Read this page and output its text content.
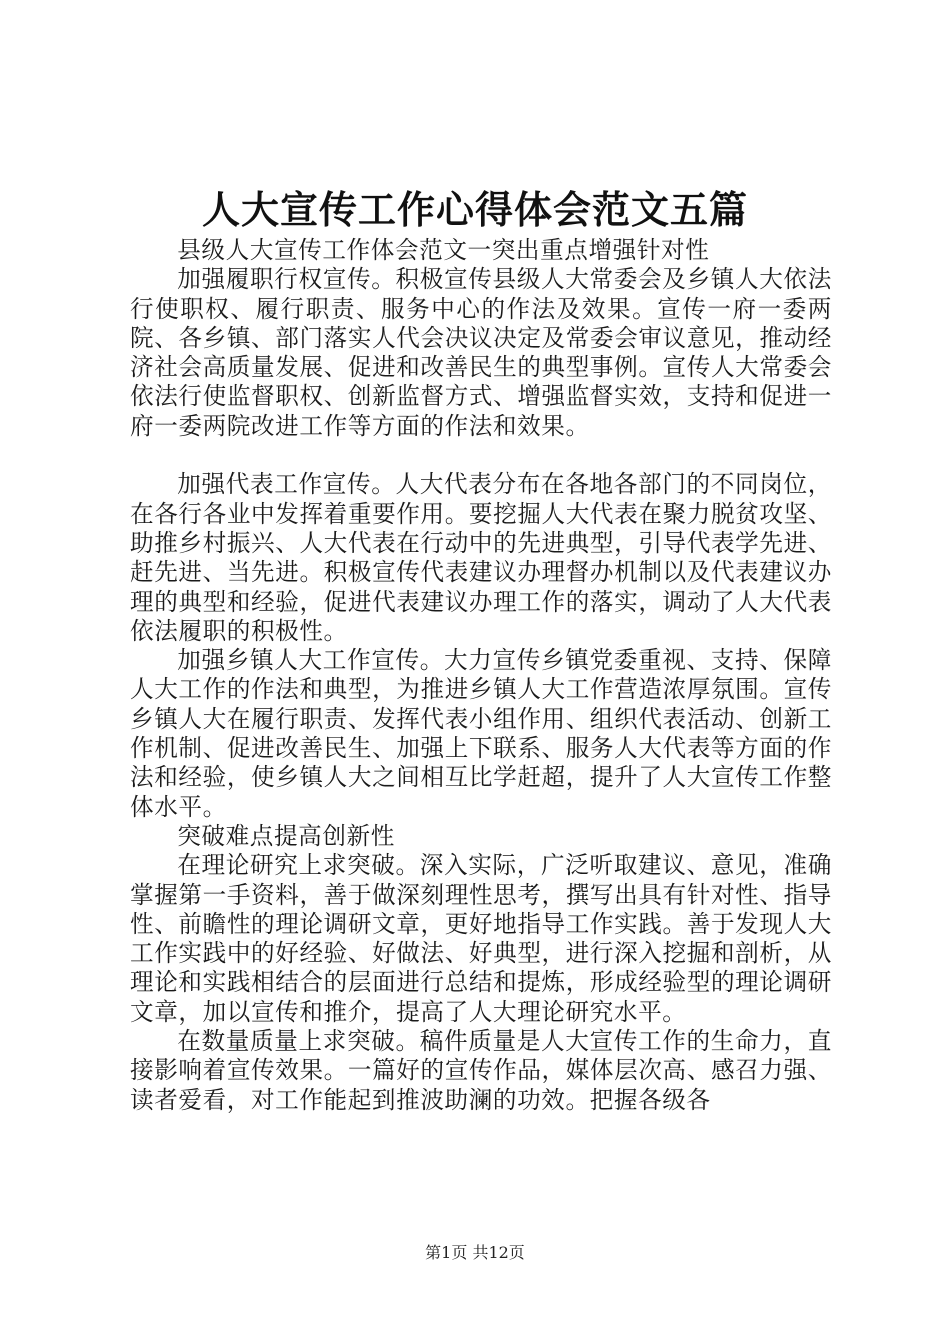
人大宣传工作心得体会范文五篇

县级人大宣传工作体会范文一突出重点增强针对性

加强履职行权宣传。积极宣传县级人大常委会及乡镇人大依法行使职权、履行职责、服务中心的作法及效果。宣传一府一委两院、各乡镇、部门落实人代会决议决定及常委会审议意见，推动经济社会高质量发展、促进和改善民生的典型事例。宣传人大常委会依法行使监督职权、创新监督方式、增强监督实效，支持和促进一府一委两院改进工作等方面的作法和效果。

加强代表工作宣传。人大代表分布在各地各部门的不同岗位，在各行各业中发挥着重要作用。要挖掘人大代表在聚力脱贫攻坚、助推乡村振兴、人大代表在行动中的先进典型，引导代表学先进、赶先进、当先进。积极宣传代表建议办理督办机制以及代表建议办理的典型和经验，促进代表建议办理工作的落实，调动了人大代表依法履职的积极性。

加强乡镇人大工作宣传。大力宣传乡镇党委重视、支持、保障人大工作的作法和典型，为推进乡镇人大工作营造浓厚氛围。宣传乡镇人大在履行职责、发挥代表小组作用、组织代表活动、创新工作机制、促进改善民生、加强上下联系、服务人大代表等方面的作法和经验，使乡镇人大之间相互比学赶超，提升了人大宣传工作整体水平。

突破难点提高创新性

在理论研究上求突破。深入实际，广泛听取建议、意见，准确掌握第一手资料，善于做深刻理性思考，撰写出具有针对性、指导性、前瞻性的理论调研文章，更好地指导工作实践。善于发现人大工作实践中的好经验、好做法、好典型，进行深入挖掘和剖析，从理论和实践相结合的层面进行总结和提炼，形成经验型的理论调研文章，加以宣传和推介，提高了人大理论研究水平。

在数量质量上求突破。稿件质量是人大宣传工作的生命力，直接影响着宣传效果。一篇好的宣传作品，媒体层次高、感召力强、读者爱看，对工作能起到推波助澜的功效。把握各级各

第1页 共12页
